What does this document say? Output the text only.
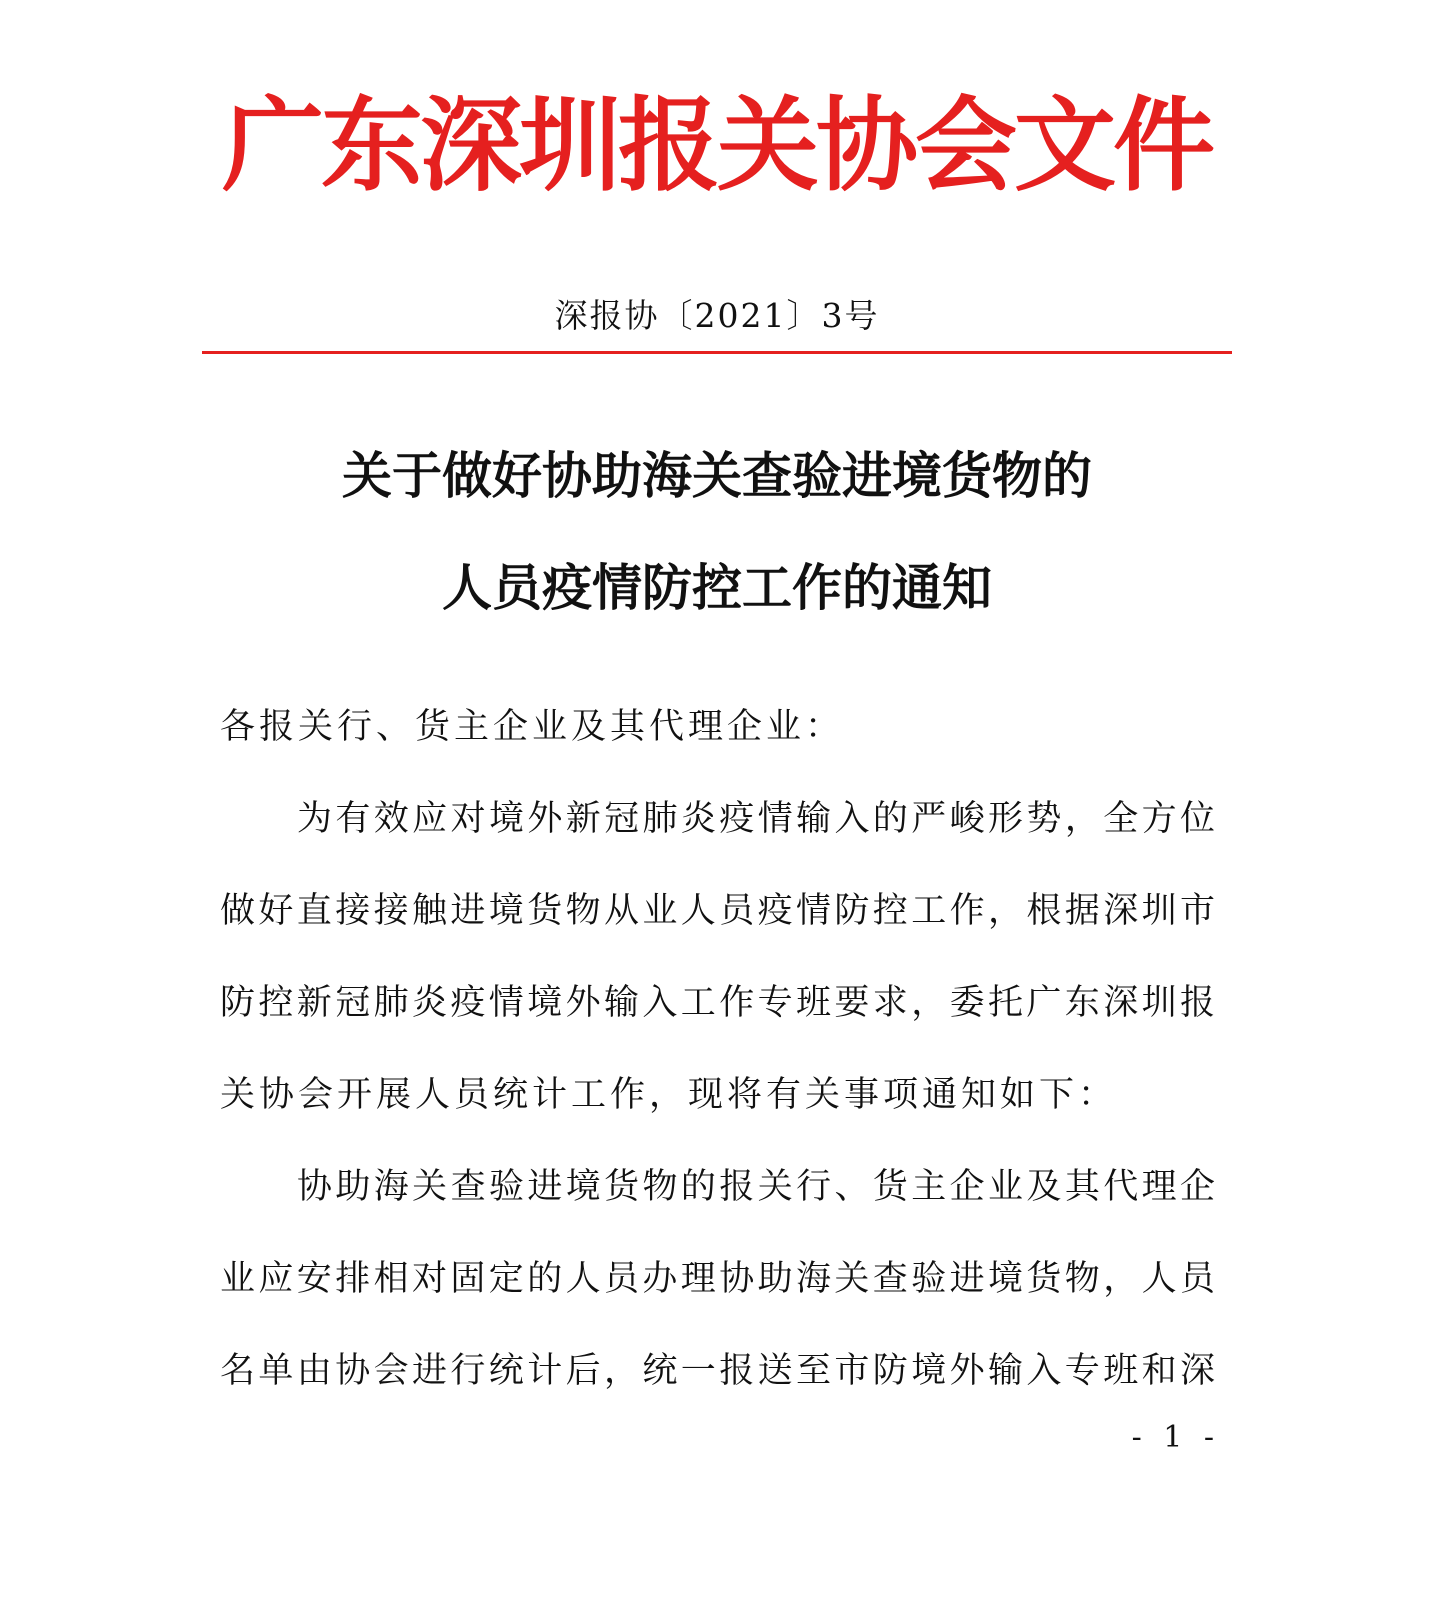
广东深圳报关协会文件
深报协〔2021〕3号
关于做好协助海关查验进境货物的
人员疫情防控工作的通知

各报关行、货主企业及其代理企业：

为有效应对境外新冠肺炎疫情输入的严峻形势，全方位
做好直接接触进境货物从业人员疫情防控工作，根据深圳市
防控新冠肺炎疫情境外输入工作专班要求，委托广东深圳报
关协会开展人员统计工作，现将有关事项通知如下：
协助海关查验进境货物的报关行、货主企业及其代理企
业应安排相对固定的人员办理协助海关查验进境货物，人员
名单由协会进行统计后，统一报送至市防境外输入专班和深
- 1 -
